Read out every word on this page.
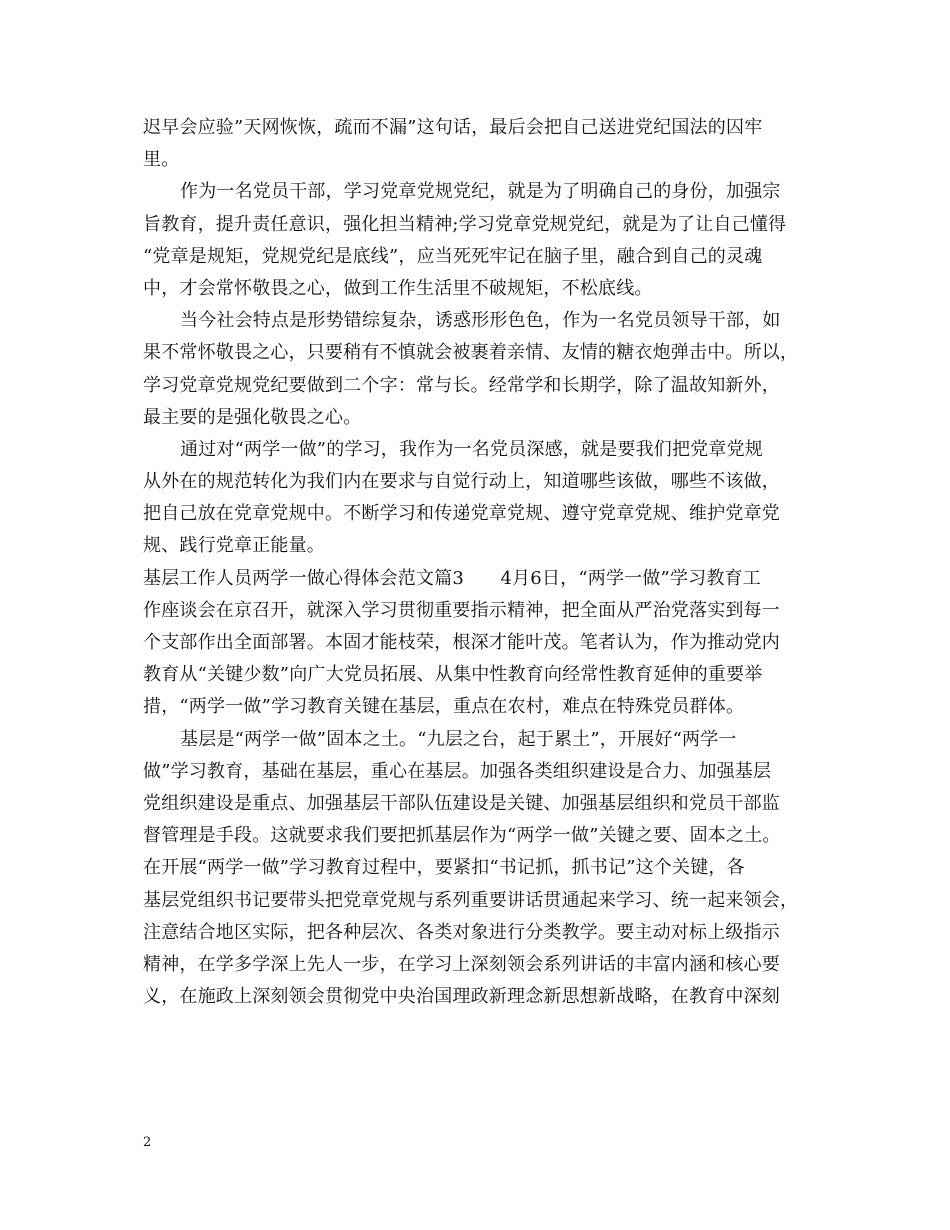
迟早会应验”天网恢恢，疏而不漏”这句话，最后会把自己送进党纪国法的囚牢
里。
作为一名党员干部，学习党章党规党纪，就是为了明确自己的身份，加强宗
旨教育，提升责任意识，强化担当精神;学习党章党规党纪，就是为了让自己懂得
“党章是规矩，党规党纪是底线”，应当死死牢记在脑子里，融合到自己的灵魂
中，才会常怀敬畏之心，做到工作生活里不破规矩，不松底线。
当今社会特点是形势错综复杂，诱惑形形色色，作为一名党员领导干部，如
果不常怀敬畏之心，只要稍有不慎就会被裹着亲情、友情的糖衣炮弹击中。所以，
学习党章党规党纪要做到二个字：常与长。经常学和长期学，除了温故知新外，
最主要的是强化敬畏之心。
通过对“两学一做”的学习，我作为一名党员深感，就是要我们把党章党规
从外在的规范转化为我们内在要求与自觉行动上，知道哪些该做，哪些不该做，
把自己放在党章党规中。不断学习和传递党章党规、遵守党章党规、维护党章党
规、践行党章正能量。
基层工作人员两学一做心得体会范文篇3　　4月6日，“两学一做”学习教育工
作座谈会在京召开，就深入学习贯彻重要指示精神，把全面从严治党落实到每一
个支部作出全面部署。本固才能枝荣，根深才能叶茂。笔者认为，作为推动党内
教育从“关键少数”向广大党员拓展、从集中性教育向经常性教育延伸的重要举
措，“两学一做”学习教育关键在基层，重点在农村，难点在特殊党员群体。
基层是“两学一做”固本之土。“九层之台，起于累土”，开展好“两学一
做”学习教育，基础在基层，重心在基层。加强各类组织建设是合力、加强基层
党组织建设是重点、加强基层干部队伍建设是关键、加强基层组织和党员干部监
督管理是手段。这就要求我们要把抓基层作为“两学一做”关键之要、固本之土。
在开展“两学一做”学习教育过程中，要紧扣“书记抓，抓书记”这个关键，各
基层党组织书记要带头把党章党规与系列重要讲话贯通起来学习、统一起来领会，
注意结合地区实际，把各种层次、各类对象进行分类教学。要主动对标上级指示
精神，在学多学深上先人一步，在学习上深刻领会系列讲话的丰富内涵和核心要
义，在施政上深刻领会贯彻党中央治国理政新理念新思想新战略，在教育中深刻
2
